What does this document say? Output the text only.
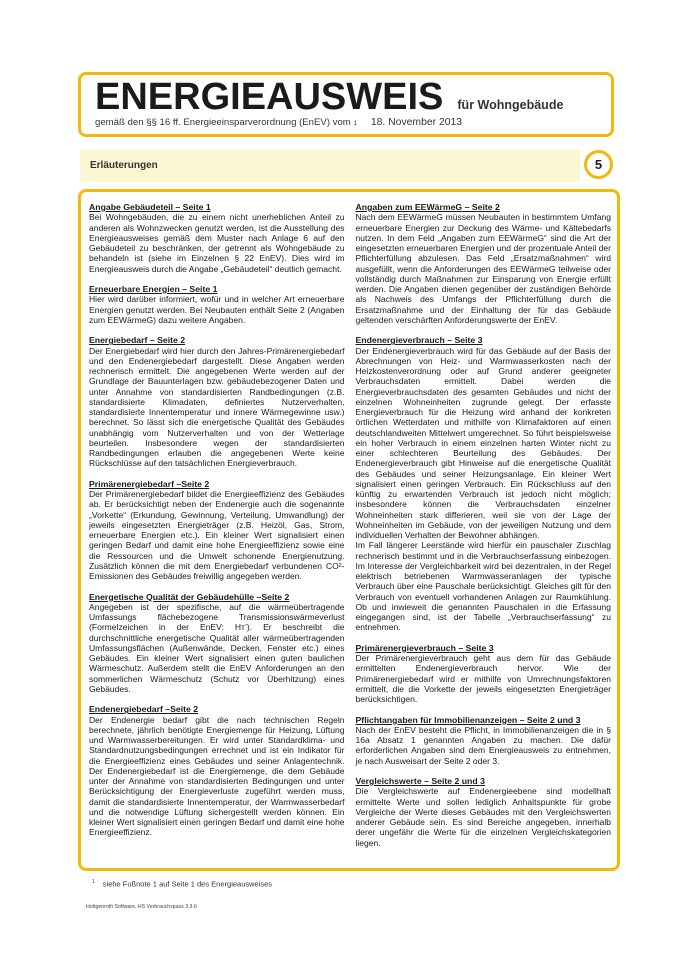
ENERGIEAUSWEIS für Wohngebäude
gemäß den §§ 16 ff. Energieeinsparverordnung (EnEV) vom
1 18. November 2013
Erläuterungen	5
Angabe Gebäudeteil – Seite 1

Bei Wohngebäuden, die zu einem nicht unerheblichen Anteil zu anderen als Wohnzwecken genutzt werden, ist die Ausstellung des Energieausweises gemäß dem Muster nach Anlage 6 auf den Gebäudeteil zu beschränken, der getrennt als Wohngebäude zu behandeln ist (siehe im Einzelnen § 22 EnEV). Dies wird im Energieausweis durch die Angabe „Gebäudeteil“ deutlich gemacht.

Erneuerbare Energien – Seite 1

Hier wird darüber informiert, wofür und in welcher Art erneuerbare Energien genutzt werden. Bei Neubauten enthält Seite 2 (Angaben zum EEWärmeG) dazu weitere Angaben.

Energiebedarf – Seite 2

Der Energiebedarf wird hier durch den Jahres-Primärenergiebedarf und den Endenergiebedarf dargestellt. Diese Angaben werden rechnerisch ermittelt. Die angegebenen Werte werden auf der Grundlage der Bauunterlagen bzw. gebäudebezogener Daten und unter Annahme von standardisierten Randbedingungen (z.B. standardisierte Klimadaten, definiertes Nutzerverhalten, standardisierte Innentemperatur und innere Wärmegewinne usw.) berechnet. So lässt sich die energetische Qualität des Gebäudes unabhängig vom Nutzerverhalten und von der Wetterlage beurteilen. Insbesondere wegen der standardisierten Randbedingungen erlauben die angegebenen Werte keine Rückschlüsse auf den tatsächlichen Energieverbrauch.

Primärenergiebedarf –Seite 2

Der Primärenergiebedarf bildet die Energieeffizienz des Gebäudes ab. Er berücksichtigt neben der Endenergie auch die sogenannte „Vorkette“ (Erkundung, Gewinnung, Verteilung, Umwandlung) der jeweils eingesetzten Energieträger (z.B. Heizöl, Gas, Strom, erneuerbare Energien etc.). Ein kleiner Wert signalisiert einen geringen Bedarf und damit eine hohe Energieeffizienz sowie eine die Ressourcen und die Umwelt schonende Energienutzung. Zusätzlich können die mit dem Energiebedarf verbundenen CO²-Emissionen des Gebäudes freiwillig angegeben werden.

Energetische Qualität der Gebäudehülle –Seite 2

Angegeben ist der spezifische, auf die wärmeübertragende Umfassungs flächebezogene Transmissionswärmeverlust (Formelzeichen in der EnEV: Hᴛ’). Er beschreibt die durchschnittliche energetische Qualität aller wärmeübertragenden Umfassungsflächen (Außenwände, Decken, Fenster etc.) eines Gebäudes. Ein kleiner Wert signalisiert einen guten baulichen Wärmeschutz. Außerdem stellt die EnEV Anforderungen an den sommerlichen Wärmeschutz (Schutz vor Überhitzung) eines Gebäudes.

Endenergiebedarf –Seite 2

Der Endenergie bedarf gibt die nach technischen Regeln berechnete, jährlich benötigte Energiemenge für Heizung, Lüftung und Warmwasserbereitungen. Er wird unter Standardklima- und Standardnutzungsbedingungen errechnet und ist ein Indikator für die Energieeffizienz eines Gebäudes und seiner Anlagentechnik. Der Endenergiebedarf ist die Energiemenge, die dem Gebäude unter der Annahme von standardisierten Bedingungen und unter Berücksichtigung der Energieverluste zugeführt werden muss, damit die standardisierte Innentemperatur, der Warmwasserbedarf und die notwendige Lüftung sichergestellt werden können. Ein kleiner Wert signalisiert einen geringen Bedarf und damit eine hohe Energieeffizienz.

Angaben zum EEWärmeG – Seite 2

Nach dem EEWärmeG müssen Neubauten in bestimmtem Umfang erneuerbare Energien zur Deckung des Wärme- und Kältebedarfs nutzen. In dem Feld „Angaben zum EEWärmeG“ sind die Art der eingesetzten erneuerbaren Energien und der prozentuale Anteil der Pflichterfüllung abzulesen. Das Feld „Ersatzmaßnahmen“ wird ausgefüllt, wenn die Anforderungen des EEWärmeG teilweise oder vollständig durch Maßnahmen zur Einsparung von Energie erfüllt werden. Die Angaben dienen gegenüber der zuständigen Behörde als Nachweis des Umfangs der Pflichterfüllung durch die Ersatzmaßnahme und der Einhaltung der für das Gebäude geltenden verschärften Anforderungswerte der EnEV.

Endenergieverbrauch – Seite 3

Der Endenergieverbrauch wird für das Gebäude auf der Basis der Abrechnungen von Heiz- und Warmwasserkosten nach der Heizkostenverordnung oder auf Grund anderer geeigneter Verbrauchsdaten ermittelt. Dabei werden die Energieverbrauchsdaten des gesamten Gebäudes und nicht der einzelnen Wohneinheiten zugrunde gelegt. Der erfasste Energieverbrauch für die Heizung wird anhand der konkreten örtlichen Wetterdaten und mithilfe von Klimafaktoren auf einen deutschlandweiten Mittelwert umgerechnet. So führt beispielsweise ein hoher Verbrauch in einem einzelnen harten Winter nicht zu einer schlechteren Beurteilung des Gebäudes. Der Endenergieverbrauch gibt Hinweise auf die energetische Qualität des Gebäudes und seiner Heizungsanlage. Ein kleiner Wert signalisiert einen geringen Verbrauch. Ein Rückschluss auf den künftig zu erwartenden Verbrauch ist jedoch nicht möglich; insbesondere können die Verbrauchsdaten einzelner Wohneinheiten stark differieren, weil sie von der Lage der Wohneinheiten im Gebäude, von der jeweiligen Nutzung und dem individuellen Verhalten der Bewohner abhängen.

Im Fall längerer Leerstände wird hierfür ein pauschaler Zuschlag rechnerisch bestimmt und in die Verbrauchserfassung einbezogen. Im Interesse der Vergleichbarkeit wird bei dezentralen, in der Regel elektrisch betriebenen Warmwasseranlagen der typische Verbrauch über eine Pauschale berücksichtigt. Gleiches gilt für den Verbrauch von eventuell vorhandenen Anlagen zur Raumkühlung. Ob und inwieweit die genannten Pauschalen in die Erfassung eingegangen sind, ist der Tabelle „Verbrauchserfassung“ zu entnehmen.

Primärenergieverbrauch – Seite 3

Der Primärenergieverbrauch geht aus dem für das Gebäude ermittelten Endenergieverbrauch hervor. Wie der Primärenergiebedarf wird er mithilfe von Umrechnungsfaktoren ermittelt, die die Vorkette der jeweils eingesetzten Energieträger berücksichtigen.

Pflichtangaben für Immobilienanzeigen – Seite 2 und 3

Nach der EnEV besteht die Pflicht, in Immobilienanzeigen die in § 16a Absatz 1 genannten Angaben zu machen. Die dafür erforderlichen Angaben sind dem Energieausweis zu entnehmen, je nach Ausweisart der Seite 2 oder 3.

Vergleichswerte – Seite 2 und 3

Die Vergleichswerte auf Endenergieebene sind modellhaft ermittelte Werte und sollen lediglich Anhaltspunkte für grobe Vergleiche der Werte dieses Gebäudes mit den Vergleichswerten anderer Gebäude sein. Es sind Bereiche angegeben, innerhalb derer ungefähr die Werte für die einzelnen Vergleichskategorien liegen.

$^1$ siehe Fußnote 1 auf Seite 1 des Energieausweises
Hottgenroth Software, HS Verbrauchspass 3.3.6
